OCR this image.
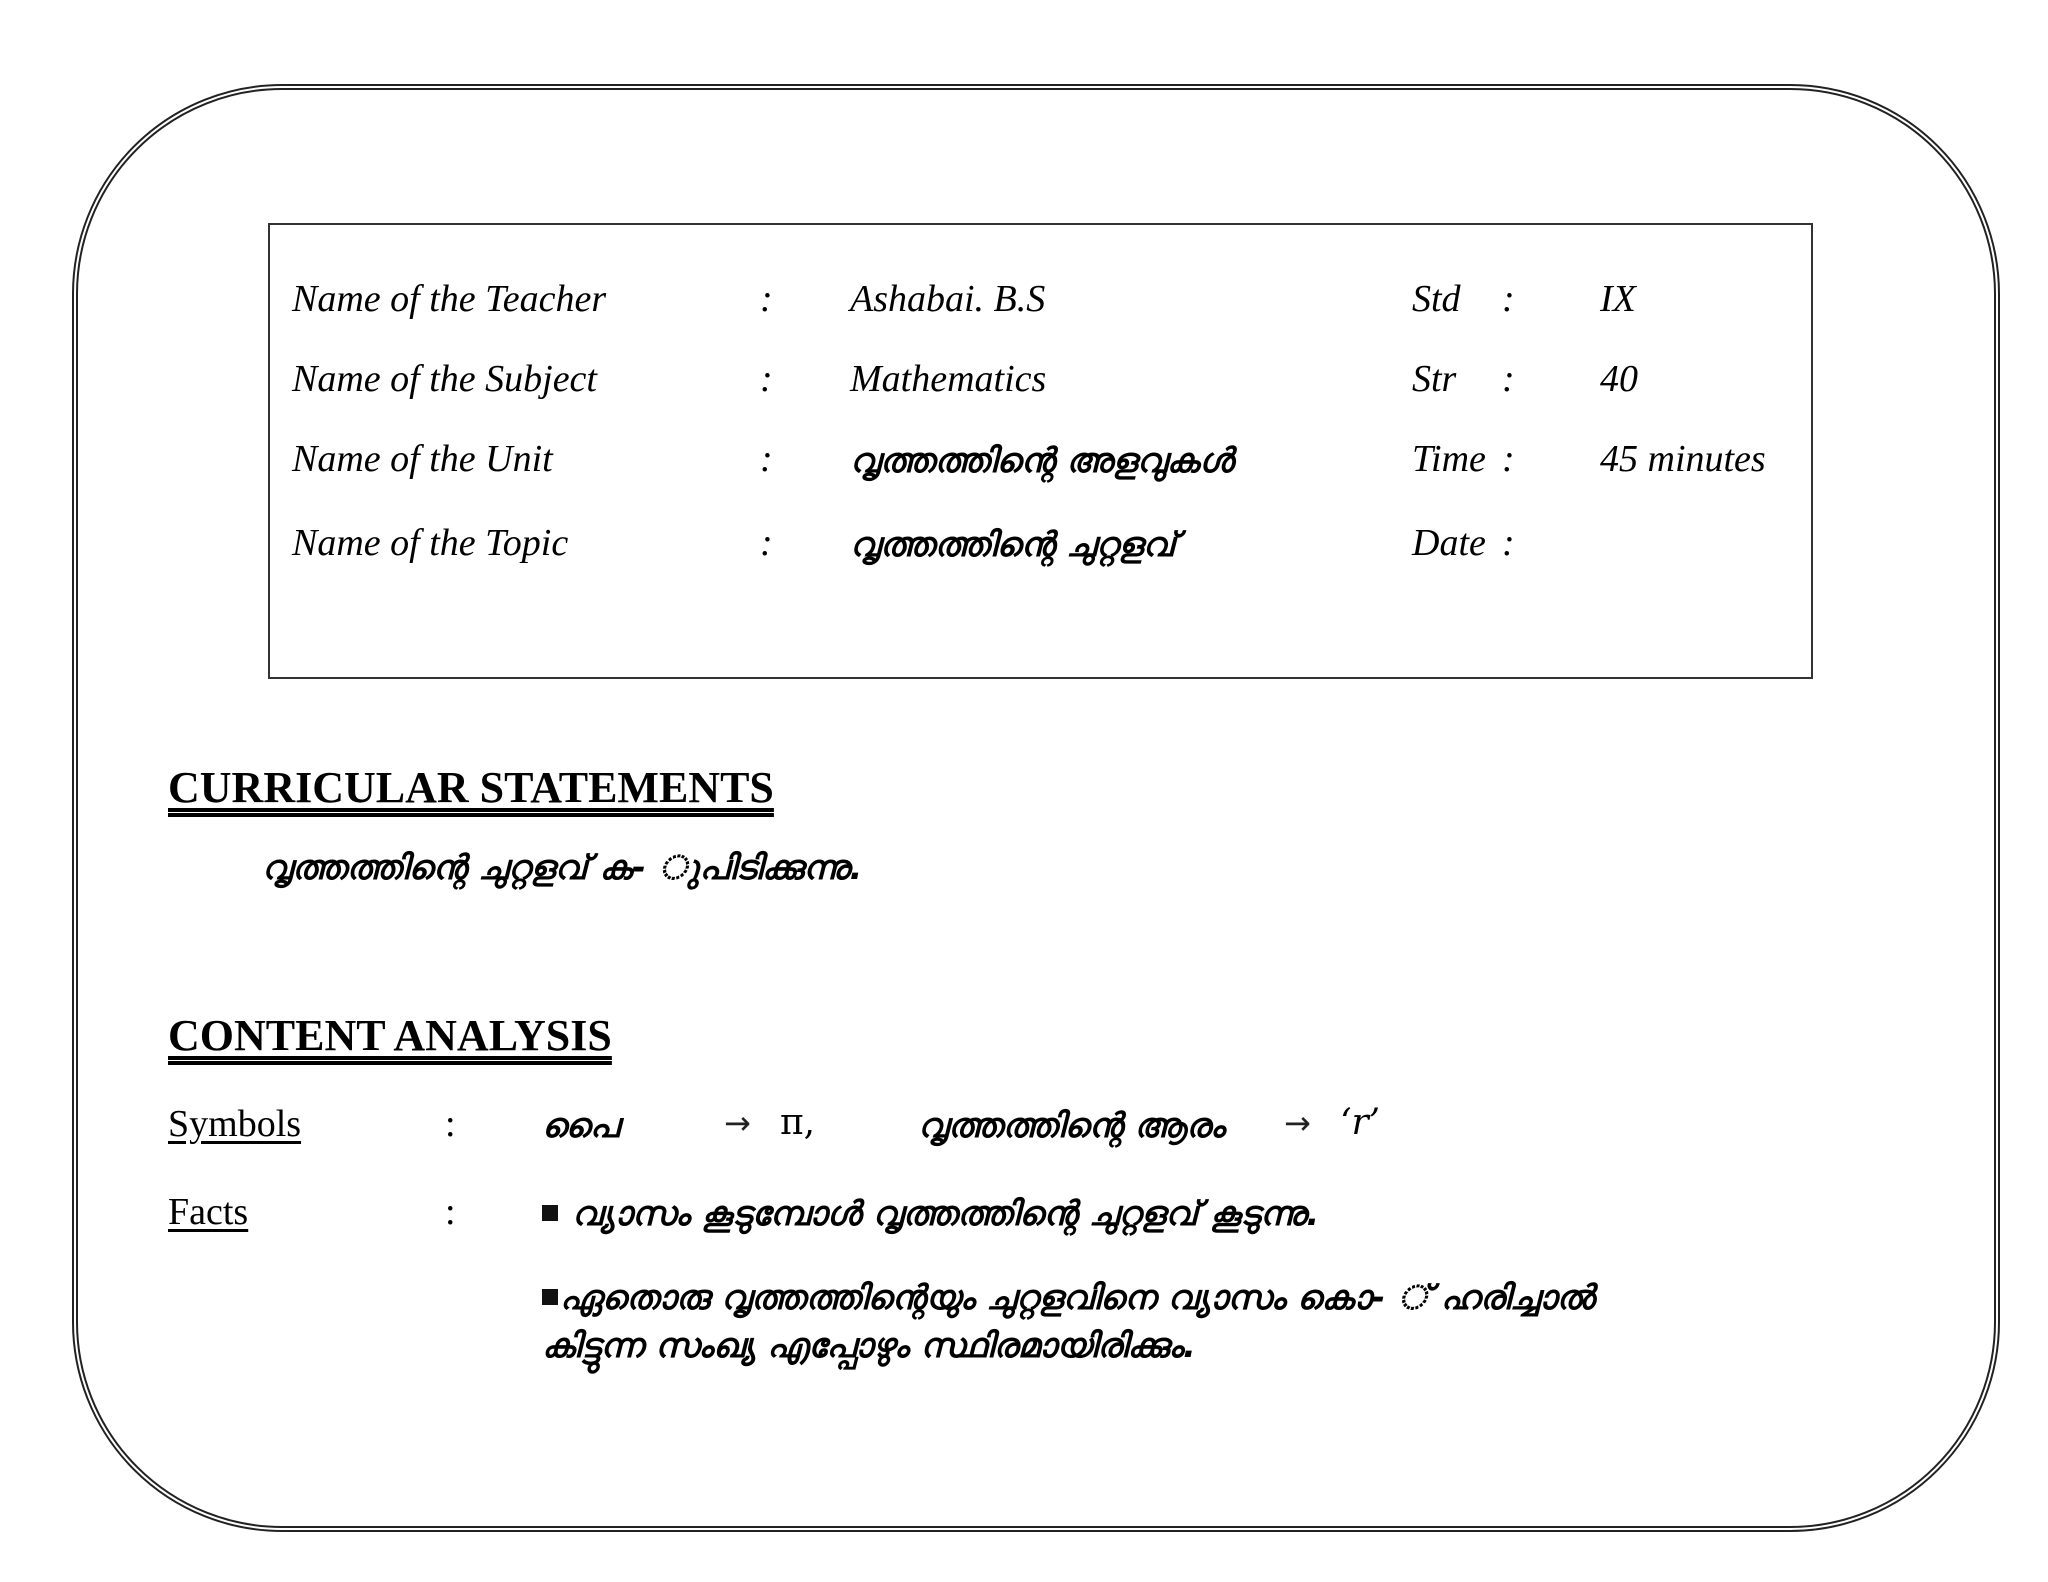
Name of the Teacher	: Ashabai. B.S	Std : IX
Name of the Subject	: Mathematics	Str : 40
Name of the Unit	: വൃത്തത്തിന്റെ അളവുകൾ	Time : 45 minutes
Name of the Topic	: വൃത്തത്തിന്റെ ചുറ്റളവ്	Date :
CURRICULAR STATEMENTS
വൃത്തത്തിന്റെ ചുറ്റളവ് ക- ുപിടിക്കുന്നു.
CONTENT ANALYSIS
Symbols	:	പൈ	→ π,	വൃത്തത്തിന്റെ ആരം → ‘r’
Facts	:	വ്യാസം കൂടുമ്പോൾ വൃത്തത്തിന്റെ ചുറ്റളവ് കൂടുന്നു.
ഏതൊരു വൃത്തത്തിന്റെയും ചുറ്റളവിനെ വ്യാസം കൊ- ് ഹരിച്ചാൽ
കിട്ടുന്ന സംഖ്യ എപ്പോഴും സ്ഥിരമായിരിക്കും.
